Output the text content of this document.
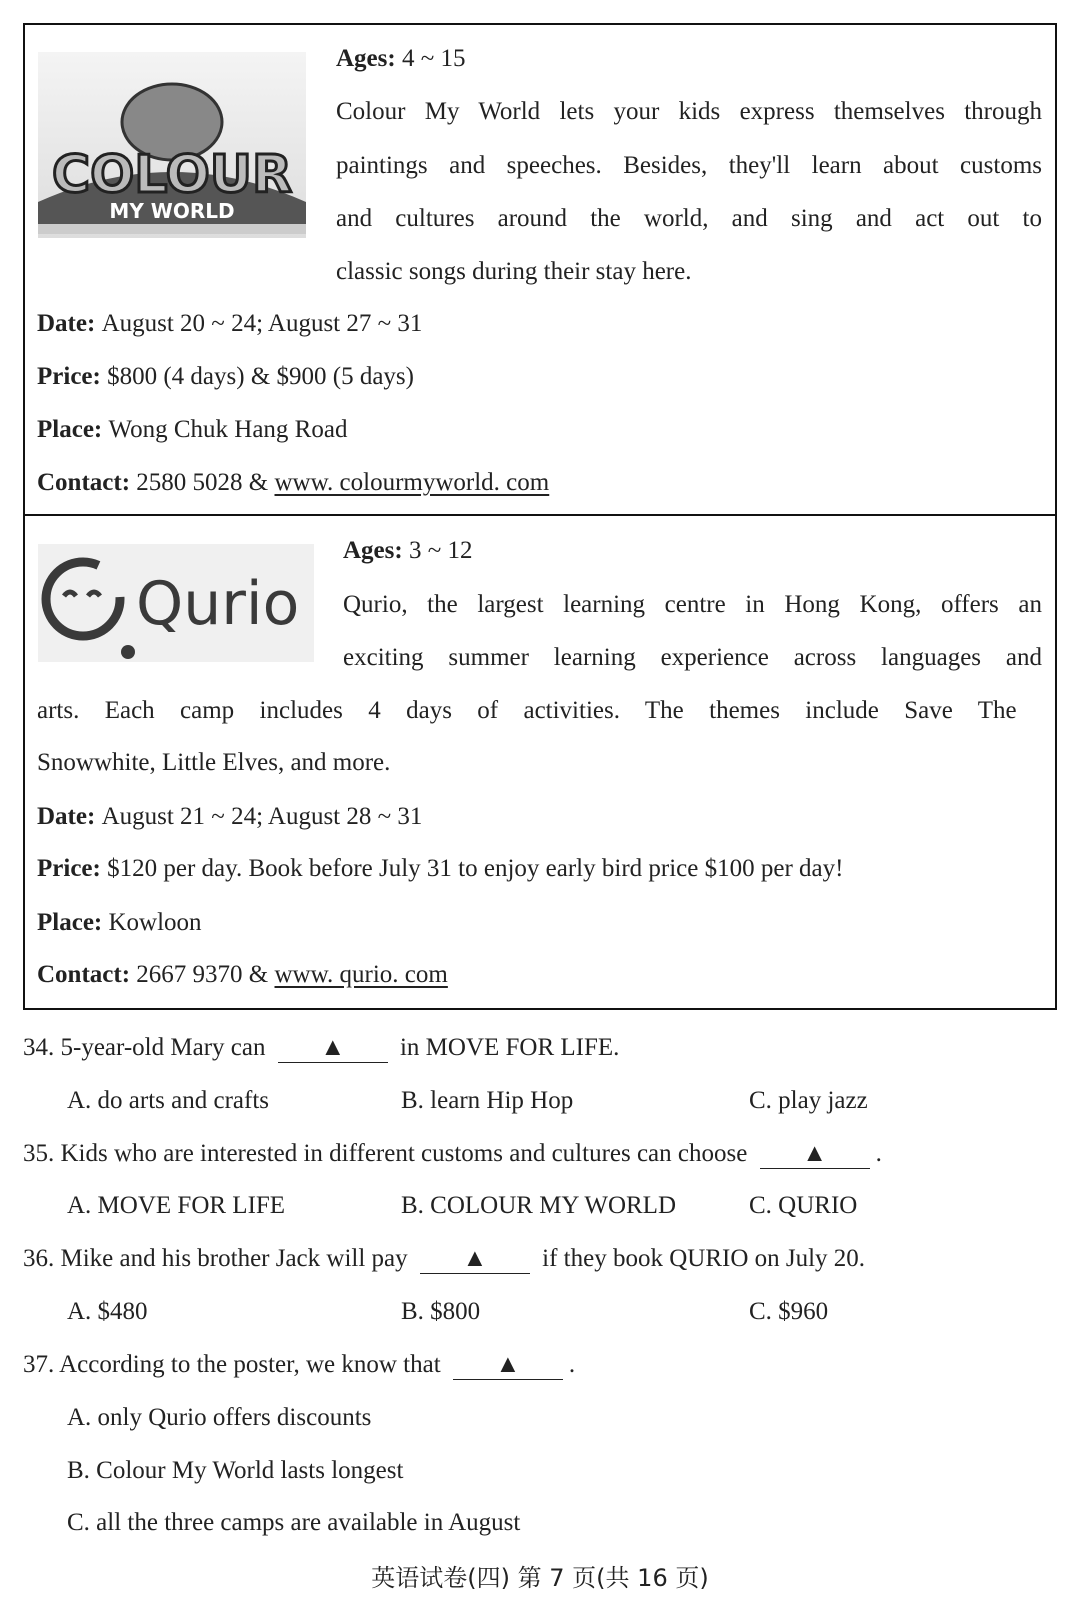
COLOUR
MY WORLD
Ages: 4 ~ 15
Colour My World lets your kids express themselves through
paintings and speeches. Besides, they'll learn about customs
and cultures around the world, and sing and act out to
classic songs during their stay here.
Date: August 20 ~ 24; August 27 ~ 31
Price: $800 (4 days) & $900 (5 days)
Place: Wong Chuk Hang Road
Contact: 2580 5028 & www. colourmyworld. com
Qurio
Ages: 3 ~ 12
Qurio, the largest learning centre in Hong Kong, offers an
exciting summer learning experience across languages and
arts. Each camp includes 4 days of activities. The themes include Save The
Snowwhite, Little Elves, and more.
Date: August 21 ~ 24; August 28 ~ 31
Price: $120 per day. Book before July 31 to enjoy early bird price $100 per day!
Place: Kowloon
Contact: 2667 9370 & www. qurio. com
34. 5-year-old Mary can ▲ in MOVE FOR LIFE.
A. do arts and crafts	B. learn Hip Hop	C. play jazz
35. Kids who are interested in different customs and cultures can choose ▲ .
A. MOVE FOR LIFE	B. COLOUR MY WORLD	C. QURIO
36. Mike and his brother Jack will pay ▲ if they book QURIO on July 20.
A. $480	B. $800	C. $960
37. According to the poster, we know that ▲ .
A. only Qurio offers discounts
B. Colour My World lasts longest
C. all the three camps are available in August
英语试卷(四) 第 7 页(共 16 页)
